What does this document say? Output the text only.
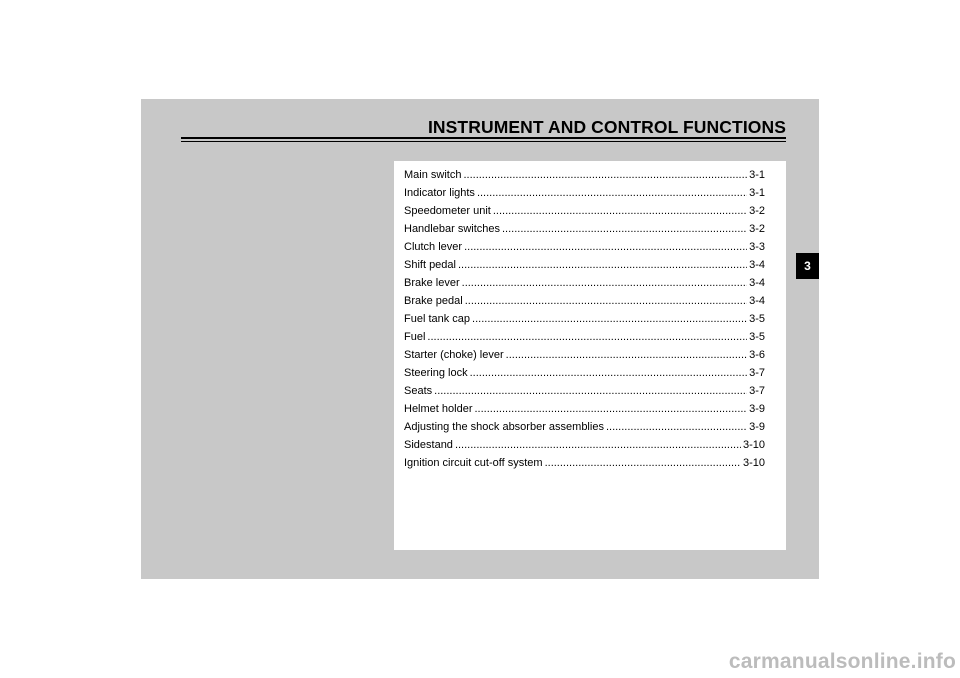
INSTRUMENT AND CONTROL FUNCTIONS
Main switch .....	3-1
Indicator lights .....	3-1
Speedometer unit .....	3-2
Handlebar switches .....	3-2
Clutch lever .....	3-3
Shift pedal .....	3-4
Brake lever .....	3-4
Brake pedal .....	3-4
Fuel tank cap .....	3-5
Fuel .....	3-5
Starter (choke) lever .....	3-6
Steering lock .....	3-7
Seats .....	3-7
Helmet holder .....	3-9
Adjusting the shock absorber assemblies .....	3-9
Sidestand .....	3-10
Ignition circuit cut-off system .....	3-10
3
carmanualsonline.info
